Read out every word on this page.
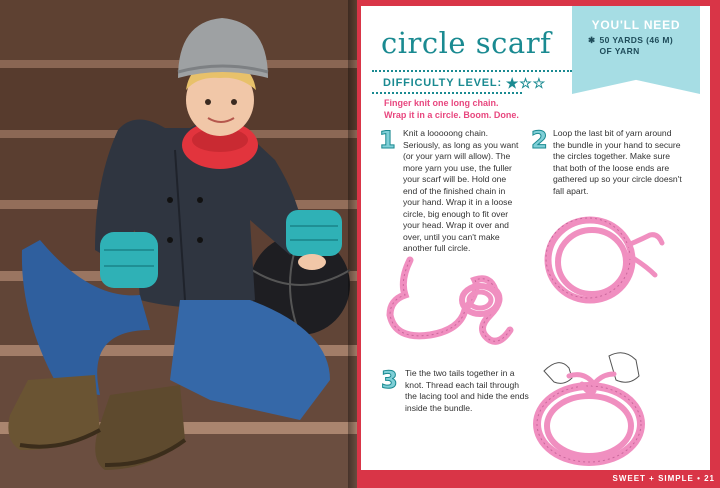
circle scarf
DIFFICULTY LEVEL: ★☆☆
Finger knit one long chain.
Wrap it in a circle. Boom. Done.
YOU'LL NEED
✱ 50 YARDS (46 M)
OF YARN
1 Knit a looooong chain. Seriously, as long as you want (or your yarn will allow). The more yarn you use, the fuller your scarf will be. Hold one end of the finished chain in your hand. Wrap it in a loose circle, big enough to fit over your head. Wrap it over and over, until you can't make another full circle.
2 Loop the last bit of yarn around the bundle in your hand to secure the circles together. Make sure that both of the loose ends are gathered up so your circle doesn't fall apart.
3 Tie the two tails together in a knot. Thread each tail through the lacing tool and hide the ends inside the bundle.
SWEET + SIMPLE • 21
